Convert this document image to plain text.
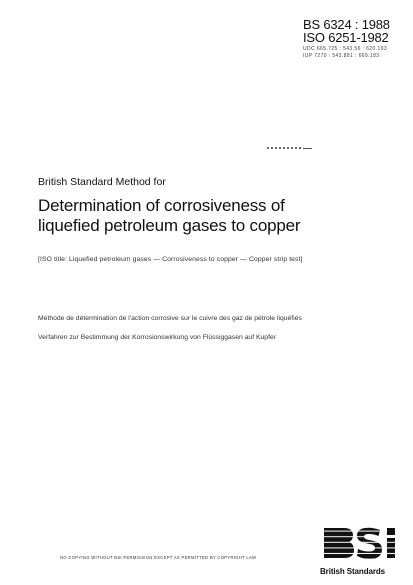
BS 6324 : 1988
ISO 6251-1982
UDC 665.725 : 543.56 : 620.193
IUP 7270 : 543.881 : 669.183
British Standard Method for
Determination of corrosiveness of
liquefied petroleum gases to copper
[ISO title: Liquefied petroleum gases — Corrosiveness to copper — Copper strip test]
Méthode de détermination de l'action corrosive sur le cuivre des gaz de pétrole liquéfiés
Verfahren zur Bestimmung der Korrosionswirkung von Flüssiggasen auf Kupfer
NO COPYING WITHOUT BSI PERMISSION EXCEPT AS PERMITTED BY COPYRIGHT LAW
British Standards
